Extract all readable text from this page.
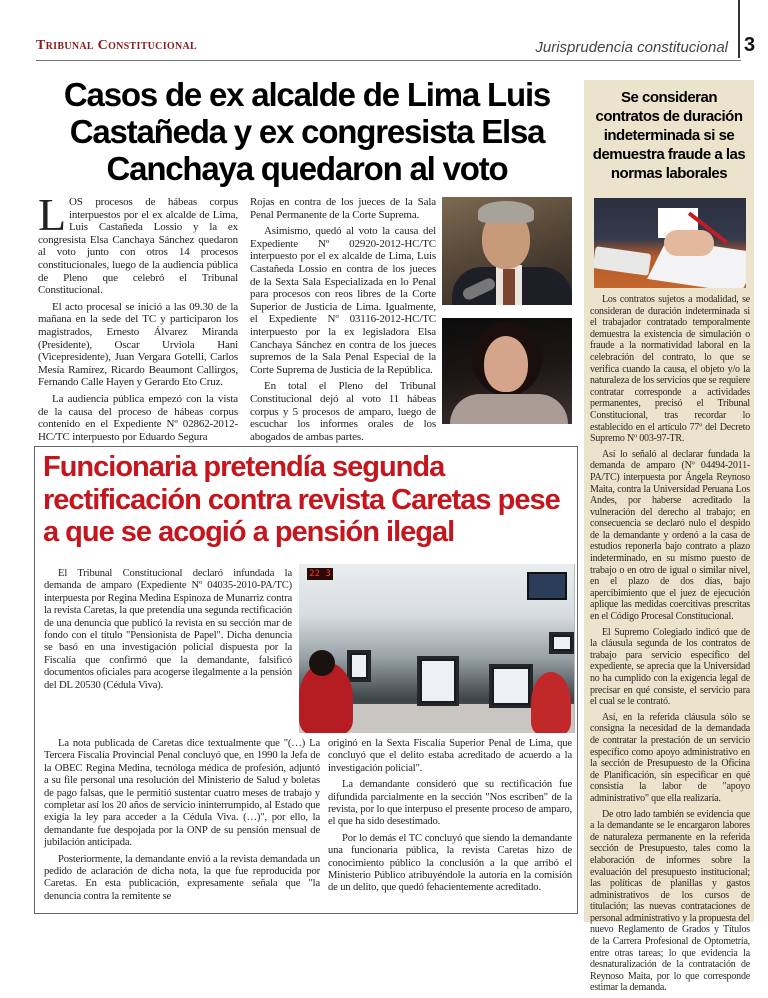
Tribunal Constitucional	Jurisprudencia constitucional 3
Casos de ex alcalde de Lima Luis Castañeda y ex congresista Elsa Canchaya quedaron al voto

LOS procesos de hábeas corpus interpuestos por el ex alcalde de Lima, Luis Castañeda Lossio y la ex congresista Elsa Canchaya Sánchez quedaron al voto junto con otros 14 procesos constitucionales, luego de la audiencia pública de Pleno que celebró el Tribunal Constitucional.

El acto procesal se inició a las 09.30 de la mañana en la sede del TC y participaron los magistrados, Ernesto Álvarez Miranda (Presidente), Oscar Urviola Hani (Vicepresidente), Juan Vergara Gotelli, Carlos Mesía Ramírez, Ricardo Beaumont Callirgos, Fernando Calle Hayen y Gerardo Eto Cruz.

La audiencia pública empezó con la vista de la causa del proceso de hábeas corpus contenido en el Expediente Nº 02862-2012-HC/TC interpuesto por Eduardo Segura

Rojas en contra de los jueces de la Sala Penal Permanente de la Corte Suprema.

Asimismo, quedó al voto la causa del Expediente Nº 02920-2012-HC/TC interpuesto por el ex alcalde de Lima, Luis Castañeda Lossio en contra de los jueces de la Sexta Sala Especializada en lo Penal para procesos con reos libres de la Corte Superior de Justicia de Lima. Igualmente, el Expediente Nº 03116-2012-HC/TC interpuesto por la ex legisladora Elsa Canchaya Sánchez en contra de los jueces supremos de la Sala Penal Especial de la Corte Suprema de Justicia de la República.

En total el Pleno del Tribunal Constitucional dejó al voto 11 hábeas corpus y 5 procesos de amparo, luego de escuchar los informes orales de los abogados de ambas partes.

Se consideran contratos de duración indeterminada si se demuestra fraude a las normas laborales

Los contratos sujetos a modalidad, se consideran de duración indeterminada si el trabajador contratado temporalmente demuestra la existencia de simulación o fraude a la normatividad laboral en la celebración del contrato, lo que se verifica cuando la causa, el objeto y/o la naturaleza de los servicios que se requiere contratar corresponde a actividades permanentes, precisó el Tribunal Constitucional, tras recordar lo establecido en el artículo 77º del Decreto Supremo Nº 003-97-TR.

Así lo señaló al declarar fundada la demanda de amparo (Nº 04494-2011-PA/TC) interpuesta por Ángela Reynoso Maita, contra la Universidad Peruana Los Andes, por haberse acreditado la vulneración del derecho al trabajo; en consecuencia se declaró nulo el despido de la demandante y ordenó a la casa de estudios reponerla bajo contrato a plazo indeterminado, en su mismo puesto de trabajo o en otro de igual o similar nivel, en el plazo de dos días, bajo apercibimiento que el juez de ejecución aplique las medidas coercitivas prescritas en el Código Procesal Constitucional.

El Supremo Colegiado indicó que de la cláusula segunda de los contratos de trabajo para servicio específico del expediente, se aprecia que la Universidad no ha cumplido con la exigencia legal de precisar en qué consiste, el servicio para el cual se le contrató.

Así, en la referida cláusula sólo se consigna la necesidad de la demandada de contratar la prestación de un servicio específico como apoyo administrativo en la sección de Presupuesto de la Oficina de Planificación, sin especificar en qué consistía la labor de "apoyo administrativo" que ella realizaría.

De otro lado también se evidencia que a la demandante se le encargaron labores de naturaleza permanente en la referida sección de Presupuesto, tales como la elaboración de informes sobre la evaluación del presupuesto institucional; las políticas de planillas y gastos administrativos de los cursos de titulación; las nuevas contrataciones de personal administrativo y la propuesta del nuevo Reglamento de Grados y Títulos de la Carrera Profesional de Optometría, entre otras tareas; lo que evidencia la desnaturalización de la contratación de Reynoso Maita, por lo que corresponde estimar la demanda.

Funcionaria pretendía segunda rectificación contra revista Caretas pese a que se acogió a pensión ilegal
22 3

El Tribunal Constitucional declaró infundada la demanda de amparo (Expediente Nº 04035-2010-PA/TC) interpuesta por Regina Medina Espinoza de Munarriz contra la revista Caretas, la que pretendía una segunda rectificación de una denuncia que publicó la revista en su sección mar de fondo con el título "Pensionista de Papel". Dicha denuncia se basó en una investigación policial dispuesta por la Fiscalía que confirmó que la demandante, falsificó documentos oficiales para acogerse ilegalmente a la pensión del DL 20530 (Cédula Viva).

La nota publicada de Caretas dice textualmente que "(…) La Tercera Fiscalía Provincial Penal concluyó que, en 1990 la Jefa de la OBEC Regina Medina, tecnóloga médica de profesión, adjuntó a su file personal una resolución del Ministerio de Salud y boletas de pago falsas, que le permitió sustentar cuatro meses de trabajo y completar así los 20 años de servicio ininterrumpido, al Estado que exigía la ley para acceder a la Cédula Viva. (…)", por ello, la demandante fue despojada por la ONP de su pensión mensual de jubilación anticipada.

Posteriormente, la demandante envió a la revista demandada un pedido de aclaración de dicha nota, la que fue reproducida por Caretas. En esta publicación, expresamente señala que "la denuncia contra la remitente se

originó en la Sexta Fiscalía Superior Penal de Lima, que concluyó que el delito estaba acreditado de acuerdo a la investigación policial".

La demandante consideró que su rectificación fue difundida parcialmente en la sección "Nos escriben" de la revista, por lo que interpuso el presente proceso de amparo, el que ha sido desestimado.

Por lo demás el TC concluyó que siendo la demandante una funcionaria pública, la revista Caretas hizo de conocimiento público la conclusión a la que arribó el Ministerio Público atribuyéndole la autoría en la comisión de un delito, que quedó fehacientemente acreditado.
